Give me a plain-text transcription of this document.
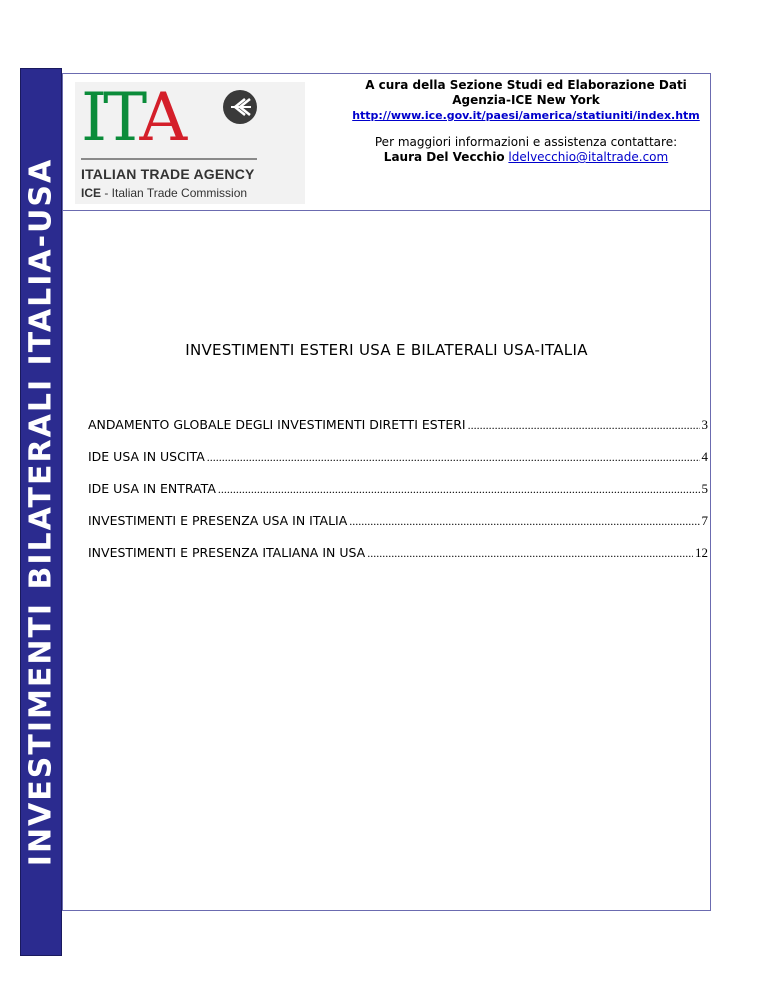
INVESTIMENTI BILATERALI ITALIA-USA
ITA
ITALIAN TRADE AGENCY
ICE - Italian Trade Commission
A cura della Sezione Studi ed Elaborazione Dati
Agenzia-ICE New York
http://www.ice.gov.it/paesi/america/statiuniti/index.htm
Per maggiori informazioni e assistenza contattare:
Laura Del Vecchio ldelvecchio@italtrade.com
INVESTIMENTI ESTERI USA E BILATERALI USA-ITALIA
ANDAMENTO GLOBALE DEGLI INVESTIMENTI DIRETTI ESTERI .....	3
IDE USA IN USCITA .....	4
IDE USA IN ENTRATA .....	5
INVESTIMENTI E PRESENZA USA IN ITALIA .....	7
INVESTIMENTI E PRESENZA ITALIANA IN USA .....	12
